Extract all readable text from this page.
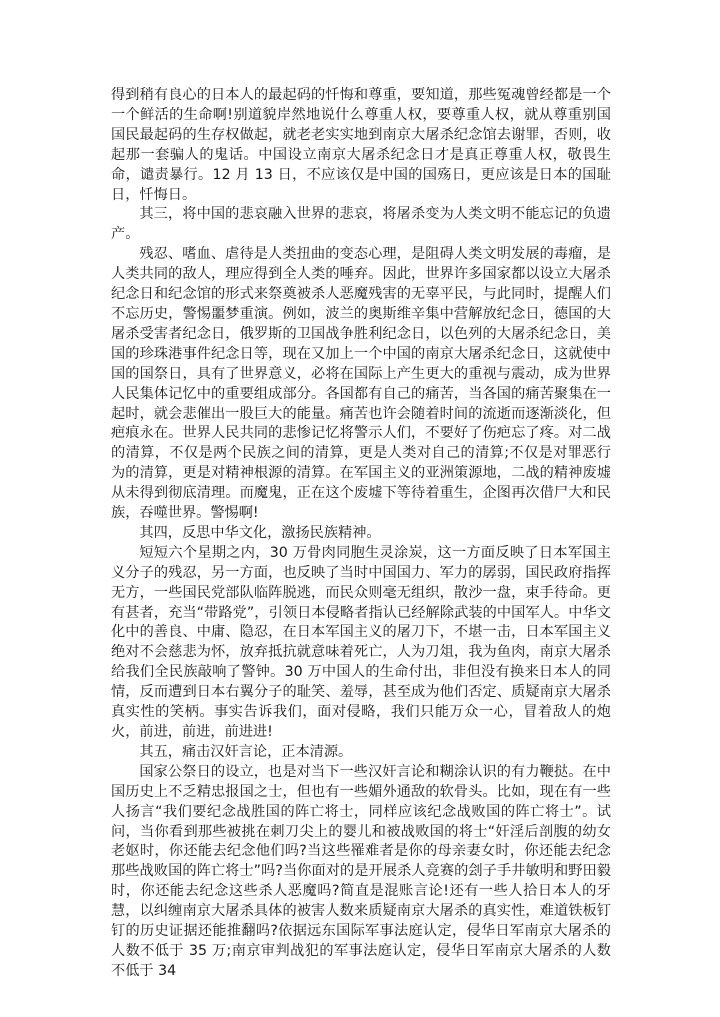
得到稍有良心的日本人的最起码的忏悔和尊重，要知道，那些冤魂曾经都是一个一个鲜活的生命啊!别道貌岸然地说什么尊重人权，要尊重人权，就从尊重别国国民最起码的生存权做起，就老老实实地到南京大屠杀纪念馆去谢罪，否则，收起那一套骗人的鬼话。中国设立南京大屠杀纪念日才是真正尊重人权，敬畏生命，谴责暴行。12 月 13 日，不应该仅是中国的国殇日，更应该是日本的国耻日，忏悔日。

其三，将中国的悲哀融入世界的悲哀，将屠杀变为人类文明不能忘记的负遗产。

残忍、嗜血、虐待是人类扭曲的变态心理，是阻碍人类文明发展的毒瘤，是人类共同的敌人，理应得到全人类的唾弃。因此，世界许多国家都以设立大屠杀纪念日和纪念馆的形式来祭奠被杀人恶魔残害的无辜平民，与此同时，提醒人们不忘历史，警惕噩梦重演。例如，波兰的奥斯维辛集中营解放纪念日，德国的大屠杀受害者纪念日，俄罗斯的卫国战争胜利纪念日，以色列的大屠杀纪念日，美国的珍珠港事件纪念日等，现在又加上一个中国的南京大屠杀纪念日，这就使中国的国祭日，具有了世界意义，必将在国际上产生更大的重视与震动，成为世界人民集体记忆中的重要组成部分。各国都有自己的痛苦，当各国的痛苦聚集在一起时，就会悲催出一股巨大的能量。痛苦也许会随着时间的流逝而逐渐淡化，但疤痕永在。世界人民共同的悲惨记忆将警示人们，不要好了伤疤忘了疼。对二战的清算，不仅是两个民族之间的清算，更是人类对自己的清算;不仅是对罪恶行为的清算，更是对精神根源的清算。在军国主义的亚洲策源地，二战的精神废墟从未得到彻底清理。而魔鬼，正在这个废墟下等待着重生，企图再次借尸大和民族，吞噬世界。警惕啊!

其四，反思中华文化，激扬民族精神。

短短六个星期之内，30 万骨肉同胞生灵涂炭，这一方面反映了日本军国主义分子的残忍，另一方面，也反映了当时中国国力、军力的孱弱，国民政府指挥无方，一些国民党部队临阵脱逃，而民众则毫无组织，散沙一盘，束手待命。更有甚者，充当“带路党”，引领日本侵略者指认已经解除武装的中国军人。中华文化中的善良、中庸、隐忍，在日本军国主义的屠刀下，不堪一击，日本军国主义绝对不会慈悲为怀，放弃抵抗就意味着死亡，人为刀俎，我为鱼肉，南京大屠杀给我们全民族敲响了警钟。30 万中国人的生命付出，非但没有换来日本人的同情，反而遭到日本右翼分子的耻笑、羞辱，甚至成为他们否定、质疑南京大屠杀真实性的笑柄。事实告诉我们，面对侵略，我们只能万众一心，冒着敌人的炮火，前进，前进，前进进!

其五，痛击汉奸言论，正本清源。

国家公祭日的设立，也是对当下一些汉奸言论和糊涂认识的有力鞭挞。在中国历史上不乏精忠报国之士，但也有一些媚外通敌的软骨头。比如，现在有一些人扬言“我们要纪念战胜国的阵亡将士，同样应该纪念战败国的阵亡将士”。试问，当你看到那些被挑在刺刀尖上的婴儿和被战败国的将士“奸淫后剖腹的幼女老妪时，你还能去纪念他们吗?当这些罹难者是你的母亲妻女时，你还能去纪念那些战败国的阵亡将士”吗?当你面对的是开展杀人竞赛的刽子手井敏明和野田毅时，你还能去纪念这些杀人恶魔吗?简直是混账言论!还有一些人拾日本人的牙慧，以纠缠南京大屠杀具体的被害人数来质疑南京大屠杀的真实性，难道铁板钉钉的历史证据还能推翻吗?依据远东国际军事法庭认定，侵华日军南京大屠杀的人数不低于 35 万;南京审判战犯的军事法庭认定，侵华日军南京大屠杀的人数不低于 34
